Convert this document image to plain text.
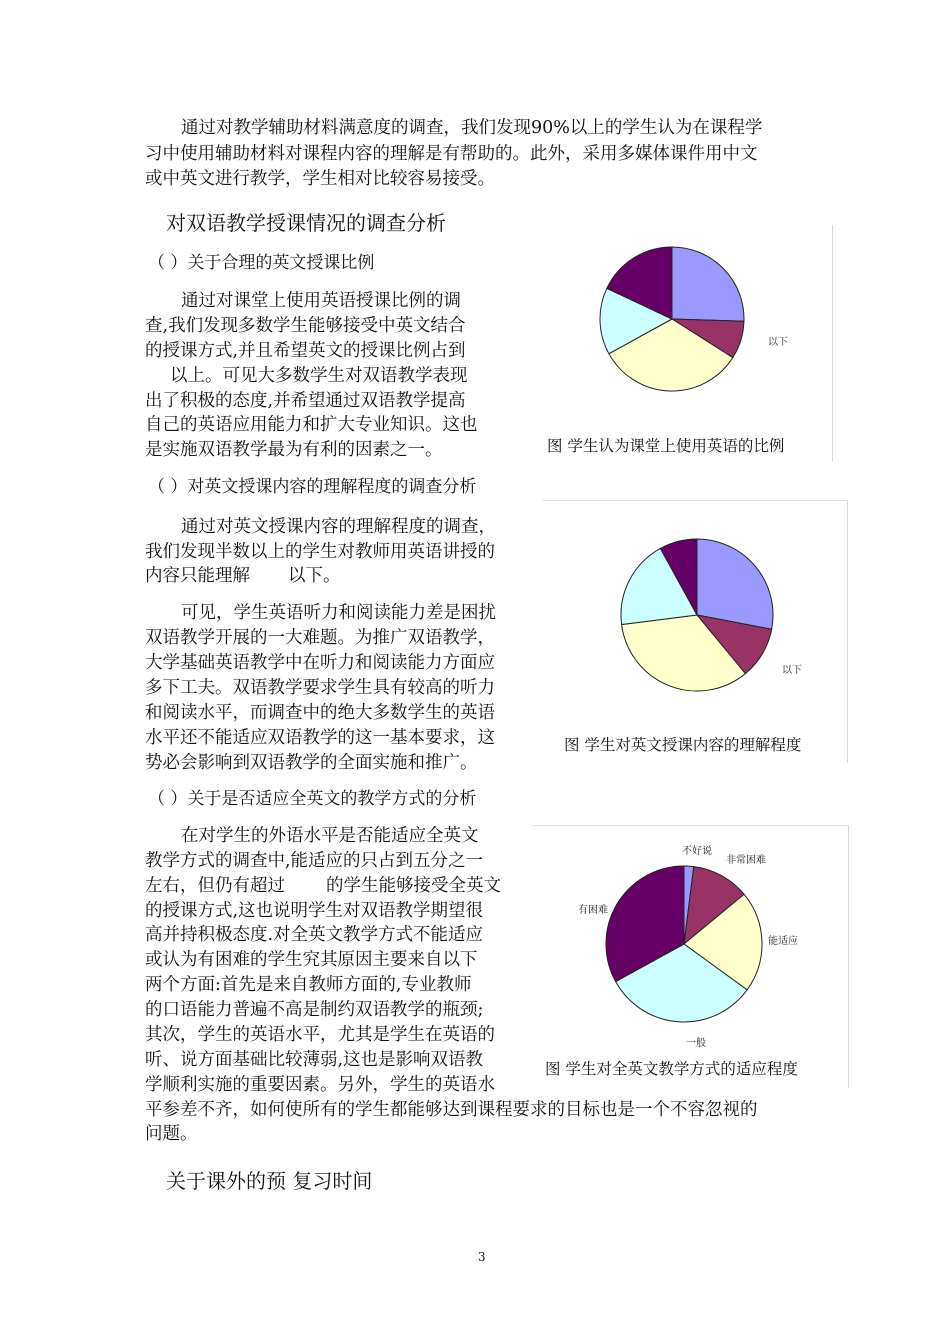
通过对教学辅助材料满意度的调查，我们发现90%以上的学生认为在课程学
习中使用辅助材料对课程内容的理解是有帮助的。此外，采用多媒体课件用中文
或中英文进行教学，学生相对比较容易接受。
对双语教学授课情况的调查分析
（ ）关于合理的英文授课比例
通过对课堂上使用英语授课比例的调
查,我们发现多数学生能够接受中英文结合
的授课方式,并且希望英文的授课比例占到
以上。可见大多数学生对双语教学表现
出了积极的态度,并希望通过双语教学提高
自己的英语应用能力和扩大专业知识。这也
是实施双语教学最为有利的因素之一。
以下
图 学生认为课堂上使用英语的比例
（ ）对英文授课内容的理解程度的调查分析
通过对英文授课内容的理解程度的调查，
我们发现半数以上的学生对教师用英语讲授的
内容只能理解 以下。
可见，学生英语听力和阅读能力差是困扰
双语教学开展的一大难题。为推广双语教学，
大学基础英语教学中在听力和阅读能力方面应
多下工夫。双语教学要求学生具有较高的听力
和阅读水平，而调查中的绝大多数学生的英语
水平还不能适应双语教学的这一基本要求，这
势必会影响到双语教学的全面实施和推广。
以下
图 学生对英文授课内容的理解程度
（ ）关于是否适应全英文的教学方式的分析
在对学生的外语水平是否能适应全英文
教学方式的调查中,能适应的只占到五分之一
左右，但仍有超过 的学生能够接受全英文
的授课方式,这也说明学生对双语教学期望很
高并持积极态度.对全英文教学方式不能适应
或认为有困难的学生究其原因主要来自以下
两个方面:首先是来自教师方面的,专业教师
的口语能力普遍不高是制约双语教学的瓶颈;
其次，学生的英语水平，尤其是学生在英语的
听、说方面基础比较薄弱,这也是影响双语教
学顺利实施的重要因素。另外，学生的英语水
平参差不齐，如何使所有的学生都能够达到课程要求的目标也是一个不容忽视的
问题。
不好说
非常困难
能适应
一般
有困难
图 学生对全英文教学方式的适应程度
关于课外的预 复习时间
3
